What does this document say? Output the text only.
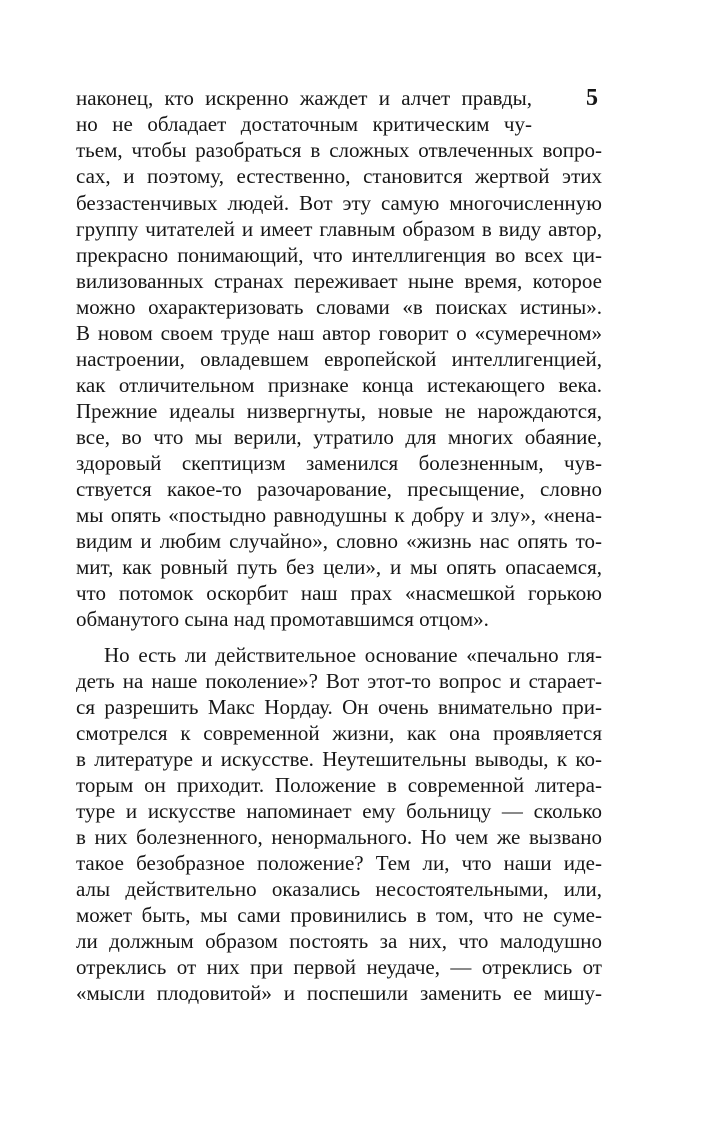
5
наконец, кто искренно жаждет и алчет правды,
но не обладает достаточным критическим чу-
тьем, чтобы разобраться в сложных отвлеченных вопро-
сах, и поэтому, естественно, становится жертвой этих
беззастенчивых людей. Вот эту самую многочисленную
группу читателей и имеет главным образом в виду автор,
прекрасно понимающий, что интеллигенция во всех ци-
вилизованных странах переживает ныне время, которое
можно охарактеризовать словами «в поисках истины».
В новом своем труде наш автор говорит о «сумеречном»
настроении, овладевшем европейской интеллигенцией,
как отличительном признаке конца истекающего века.
Прежние идеалы низвергнуты, новые не нарождаются,
все, во что мы верили, утратило для многих обаяние,
здоровый скептицизм заменился болезненным, чув-
ствуется какое-то разочарование, пресыщение, словно
мы опять «постыдно равнодушны к добру и злу», «нена-
видим и любим случайно», словно «жизнь нас опять то-
мит, как ровный путь без цели», и мы опять опасаемся,
что потомок оскорбит наш прах «насмешкой горькою
обманутого сына над промотавшимся отцом».
Но есть ли действительное основание «печально гля-
деть на наше поколение»? Вот этот-то вопрос и старает-
ся разрешить Макс Нордау. Он очень внимательно при-
смотрелся к современной жизни, как она проявляется
в литературе и искусстве. Неутешительны выводы, к ко-
торым он приходит. Положение в современной литера-
туре и искусстве напоминает ему больницу — сколько
в них болезненного, ненормального. Но чем же вызвано
такое безобразное положение? Тем ли, что наши иде-
алы действительно оказались несостоятельными, или,
может быть, мы сами провинились в том, что не суме-
ли должным образом постоять за них, что малодушно
отреклись от них при первой неудаче, — отреклись от
«мысли плодовитой» и поспешили заменить ее мишу-
